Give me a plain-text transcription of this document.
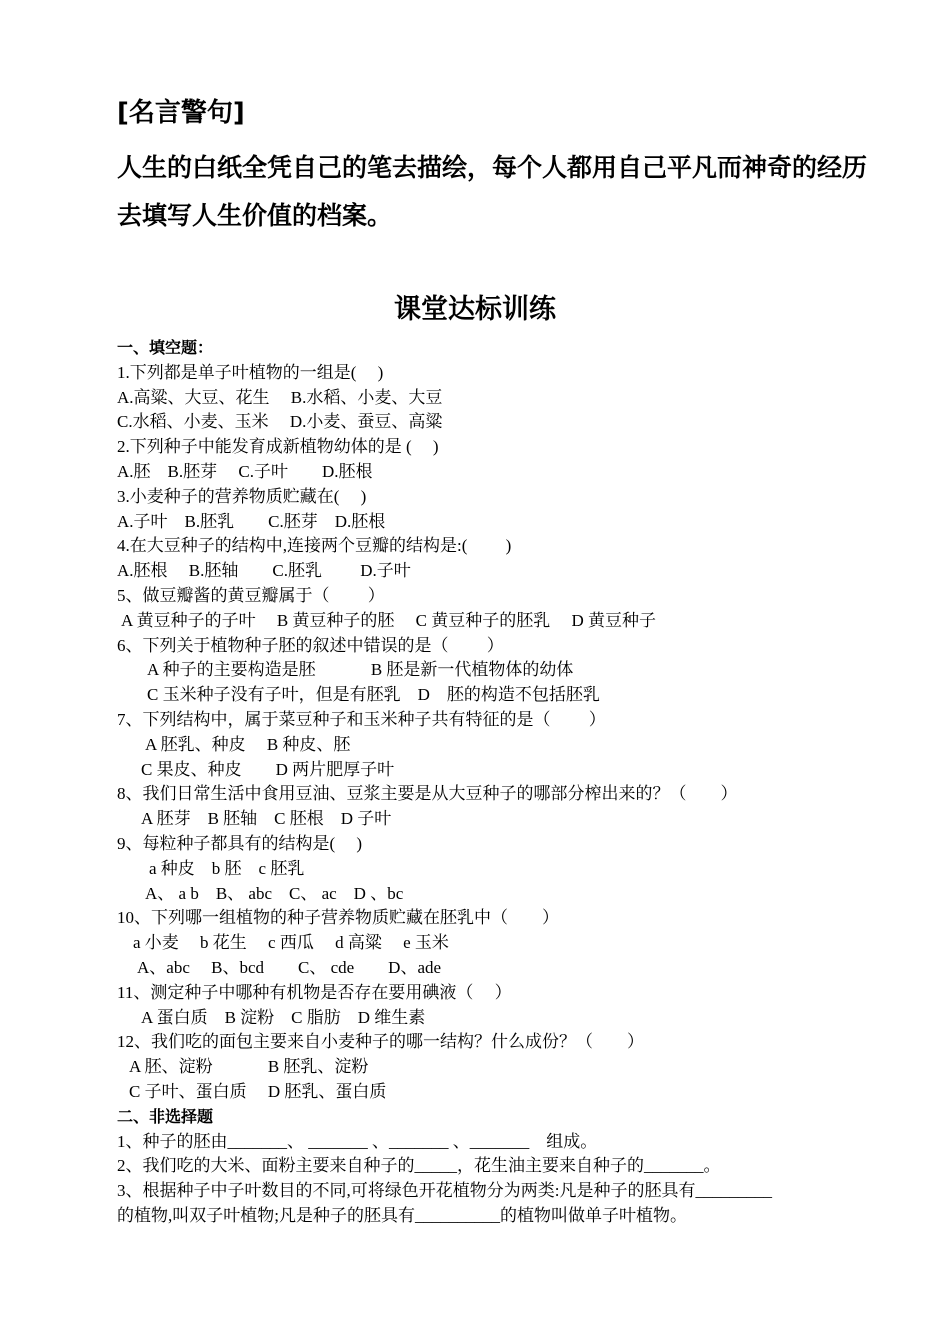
[名言警句]
人生的白纸全凭自己的笔去描绘，每个人都用自己平凡而神奇的经历去填写人生价值的档案。
课堂达标训练
一、填空题：
1.下列都是单子叶植物的一组是(　 )
A.高粱、大豆、花生　 B.水稻、小麦、大豆
C.水稻、小麦、玉米　 D.小麦、蚕豆、高粱
2.下列种子中能发育成新植物幼体的是 (　 )
A.胚　B.胚芽　 C.子叶　　D.胚根
3.小麦种子的营养物质贮藏在(　 )
A.子叶　B.胚乳　　C.胚芽　D.胚根
4.在大豆种子的结构中,连接两个豆瓣的结构是:(　 　)
A.胚根　 B.胚轴　　C.胚乳　　 D.子叶
5、做豆瓣酱的黄豆瓣属于（　 　）
A 黄豆种子的子叶　 B 黄豆种子的胚　 C 黄豆种子的胚乳　 D 黄豆种子
6、下列关于植物种子胚的叙述中错误的是（　 　）
A 种子的主要构造是胚　　　 B 胚是新一代植物体的幼体
C 玉米种子没有子叶，但是有胚乳　D　胚的构造不包括胚乳
7、下列结构中，属于菜豆种子和玉米种子共有特征的是（　 　）
A 胚乳、种皮　 B 种皮、胚
C 果皮、种皮　　D 两片肥厚子叶
8、我们日常生活中食用豆油、豆浆主要是从大豆种子的哪部分榨出来的？（　　）
A 胚芽　B 胚轴　C 胚根　D 子叶
9、每粒种子都具有的结构是(　 )
a 种皮　b 胚　c 胚乳
A、 a b　B、 abc　C、 ac　D 、bc
10、下列哪一组植物的种子营养物质贮藏在胚乳中（　　）
a 小麦　 b 花生　 c 西瓜　 d 高粱　 e 玉米
A、abc　 B、bcd　　C、 cde　　D、ade
11、测定种子中哪种有机物是否存在要用碘液（　 ）
A 蛋白质　B 淀粉　C 脂肪　D 维生素
12、我们吃的面包主要来自小麦种子的哪一结构？什么成份？（　　）
A 胚、淀粉　　　 B 胚乳、淀粉
C 子叶、蛋白质　 D 胚乳、蛋白质
二、非选择题
1、种子的胚由_______、 _______ 、_______ 、_______　组成。
2、我们吃的大米、面粉主要来自种子的_____，花生油主要来自种子的_______。
3、根据种子中子叶数目的不同,可将绿色开花植物分为两类:凡是种子的胚具有_________
的植物,叫双子叶植物;凡是种子的胚具有__________的植物叫做单子叶植物。
